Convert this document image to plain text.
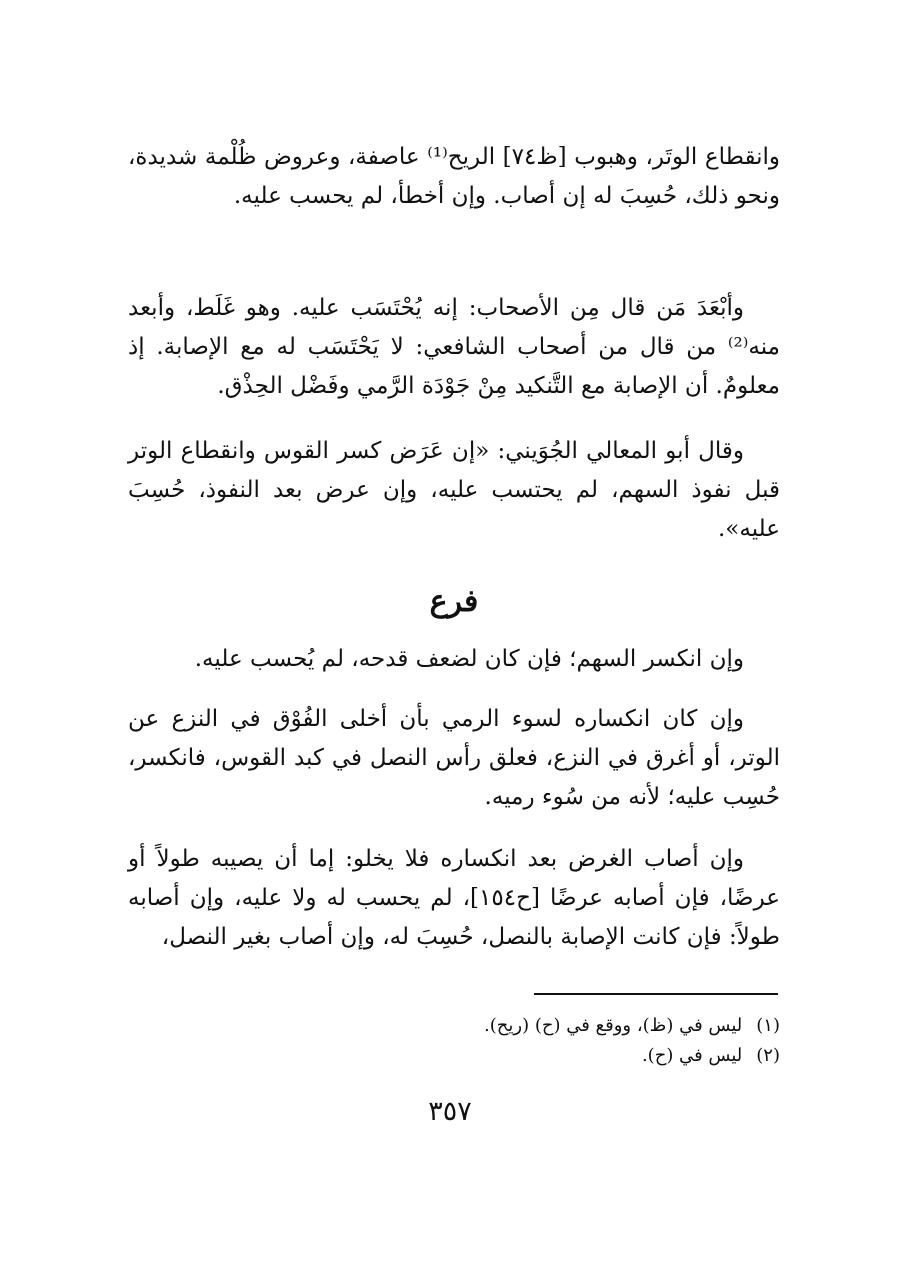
وانقطاع الوتَر، وهبوب [ظ٧٤] الريح⁽¹⁾ عاصفة، وعروض ظُلْمة شديدة، ونحو ذلك، حُسِبَ له إن أصاب. وإن أخطأ، لم يحسب عليه.

وأبْعَدَ مَن قال مِن الأصحاب: إنه يُحْتَسَب عليه. وهو غَلَط، وأبعد منه⁽²⁾ من قال من أصحاب الشافعي: لا يَحْتَسَب له مع الإصابة. إذ معلومٌ. أن الإصابة مع التَّنكيد مِنْ جَوْدَة الرَّمي وفَضْل الحِذْق.

وقال أبو المعالي الجُوَيني: «إن عَرَض كسر القوس وانقطاع الوتر قبل نفوذ السهم، لم يحتسب عليه، وإن عرض بعد النفوذ، حُسِبَ عليه».

فرع

وإن انكسر السهم؛ فإن كان لضعف قدحه، لم يُحسب عليه.

وإن كان انكساره لسوء الرمي بأن أخلى الفُوْق في النزع عن الوتر، أو أغرق في النزع، فعلق رأس النصل في كبد القوس، فانكسر، حُسِب عليه؛ لأنه من سُوء رميه.

وإن أصاب الغرض بعد انكساره فلا يخلو: إما أن يصيبه طولاً أو عرضًا، فإن أصابه عرضًا [ح١٥٤]، لم يحسب له ولا عليه، وإن أصابه طولاً: فإن كانت الإصابة بالنصل، حُسِبَ له، وإن أصاب بغير النصل،

(١)ليس في (ظ)، ووقع في (ح) (ريح).
(٢)ليس في (ح).
٣٥٧
